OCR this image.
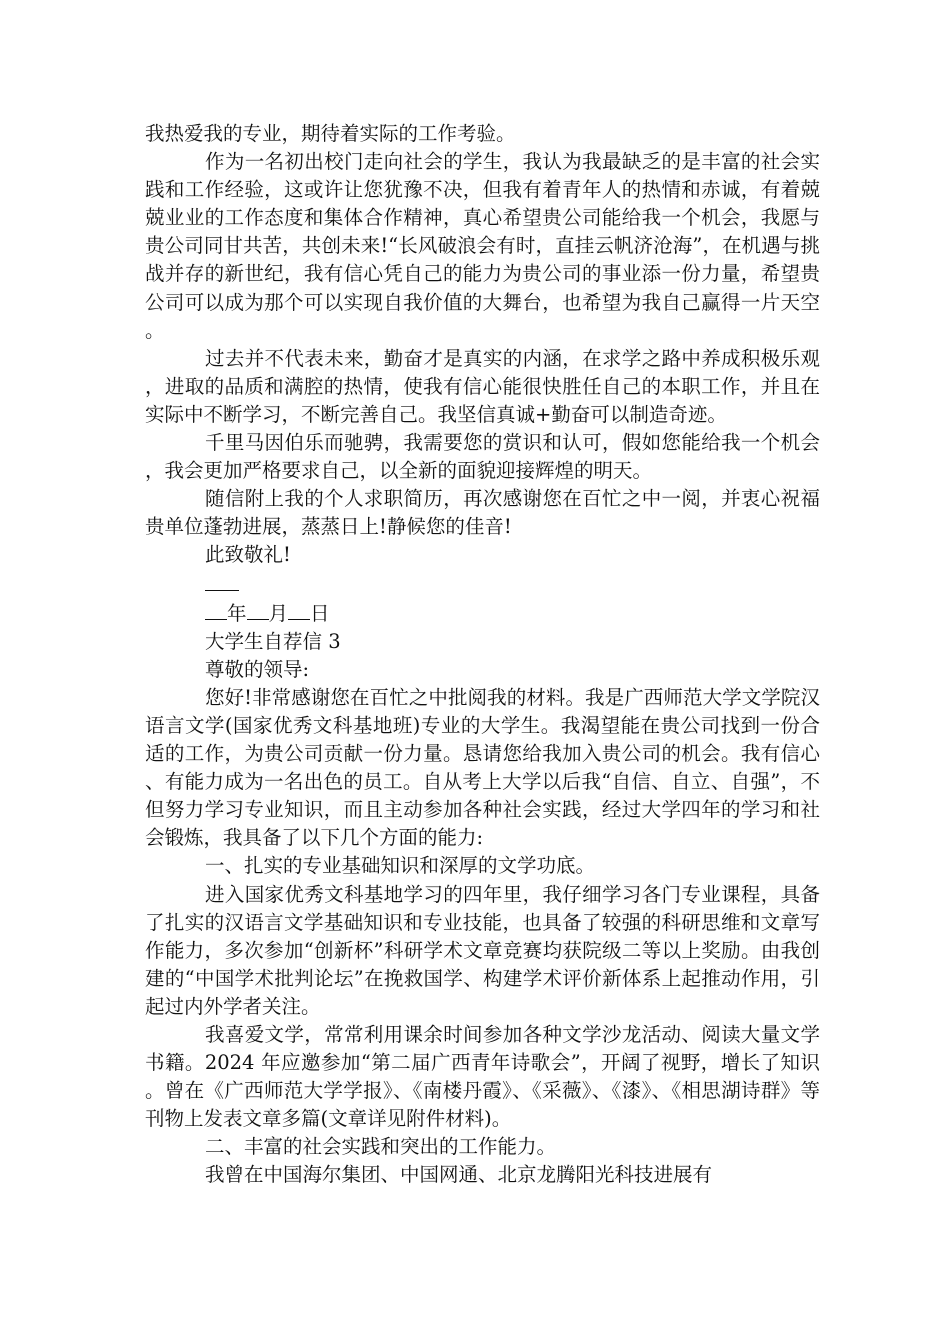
我热爱我的专业，期待着实际的工作考验。

作为一名初出校门走向社会的学生，我认为我最缺乏的是丰富的社会实践和工作经验，这或许让您犹豫不决，但我有着青年人的热情和赤诚，有着兢兢业业的工作态度和集体合作精神，真心希望贵公司能给我一个机会，我愿与贵公司同甘共苦，共创未来!“长风破浪会有时，直挂云帆济沧海”，在机遇与挑战并存的新世纪，我有信心凭自己的能力为贵公司的事业添一份力量，希望贵公司可以成为那个可以实现自我价值的大舞台，也希望为我自己赢得一片天空。

过去并不代表未来，勤奋才是真实的内涵，在求学之路中养成积极乐观，进取的品质和满腔的热情，使我有信心能很快胜任自己的本职工作，并且在实际中不断学习，不断完善自己。我坚信真诚+勤奋可以制造奇迹。

千里马因伯乐而驰骋，我需要您的赏识和认可，假如您能给我一个机会，我会更加严格要求自己，以全新的面貌迎接辉煌的明天。

随信附上我的个人求职简历，再次感谢您在百忙之中一阅，并衷心祝福贵单位蓬勃进展，蒸蒸日上!静候您的佳音!

此致敬礼!

年 月 日

大学生自荐信 3

尊敬的领导:

您好!非常感谢您在百忙之中批阅我的材料。我是广西师范大学文学院汉语言文学(国家优秀文科基地班)专业的大学生。我渴望能在贵公司找到一份合适的工作，为贵公司贡献一份力量。恳请您给我加入贵公司的机会。我有信心、有能力成为一名出色的员工。自从考上大学以后我“自信、自立、自强”，不但努力学习专业知识，而且主动参加各种社会实践，经过大学四年的学习和社会锻炼，我具备了以下几个方面的能力:

一、扎实的专业基础知识和深厚的文学功底。

进入国家优秀文科基地学习的四年里，我仔细学习各门专业课程，具备了扎实的汉语言文学基础知识和专业技能，也具备了较强的科研思维和文章写作能力，多次参加“创新杯”科研学术文章竞赛均获院级二等以上奖励。由我创建的“中国学术批判论坛”在挽救国学、构建学术评价新体系上起推动作用，引起过内外学者关注。

我喜爱文学，常常利用课余时间参加各种文学沙龙活动、阅读大量文学书籍。2024 年应邀参加“第二届广西青年诗歌会”，开阔了视野，增长了知识。曾在《广西师范大学学报》、《南楼丹霞》、《采薇》、《漆》、《相思湖诗群》等刊物上发表文章多篇(文章详见附件材料)。

二、丰富的社会实践和突出的工作能力。

我曾在中国海尔集团、中国网通、北京龙腾阳光科技进展有
